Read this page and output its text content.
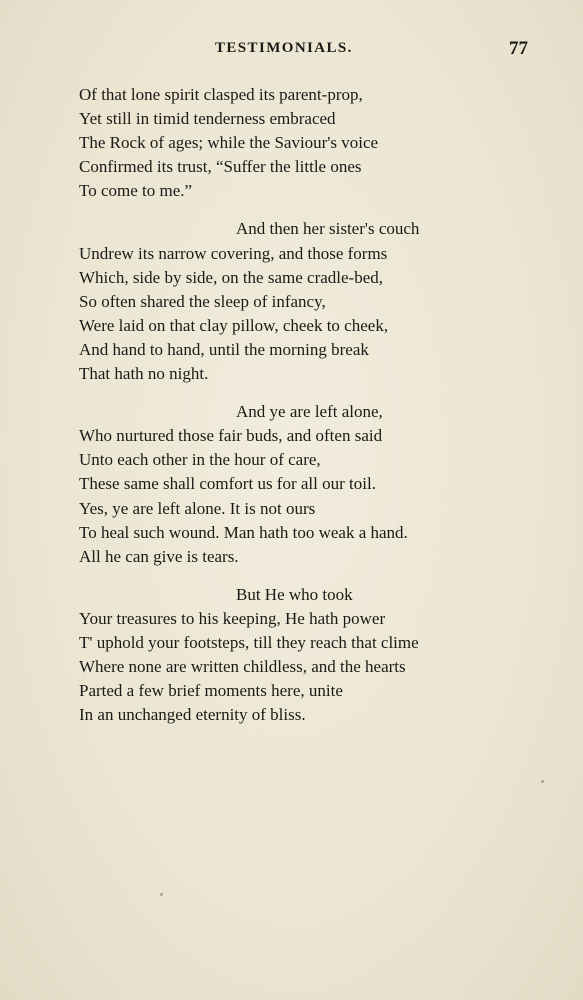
TESTIMONIALS.	77
Of that lone spirit clasped its parent-prop,
Yet still in timid tenderness embraced
The Rock of ages; while the Saviour's voice
Confirmed its trust, “Suffer the little ones
To come to me.”
And then her sister's couch
Undrew its narrow covering, and those forms
Which, side by side, on the same cradle-bed,
So often shared the sleep of infancy,
Were laid on that clay pillow, cheek to cheek,
And hand to hand, until the morning break
That hath no night.
And ye are left alone,
Who nurtured those fair buds, and often said
Unto each other in the hour of care,
These same shall comfort us for all our toil.
Yes, ye are left alone. It is not ours
To heal such wound. Man hath too weak a hand.
All he can give is tears.
But He who took
Your treasures to his keeping, He hath power
T' uphold your footsteps, till they reach that clime
Where none are written childless, and the hearts
Parted a few brief moments here, unite
In an unchanged eternity of bliss.
